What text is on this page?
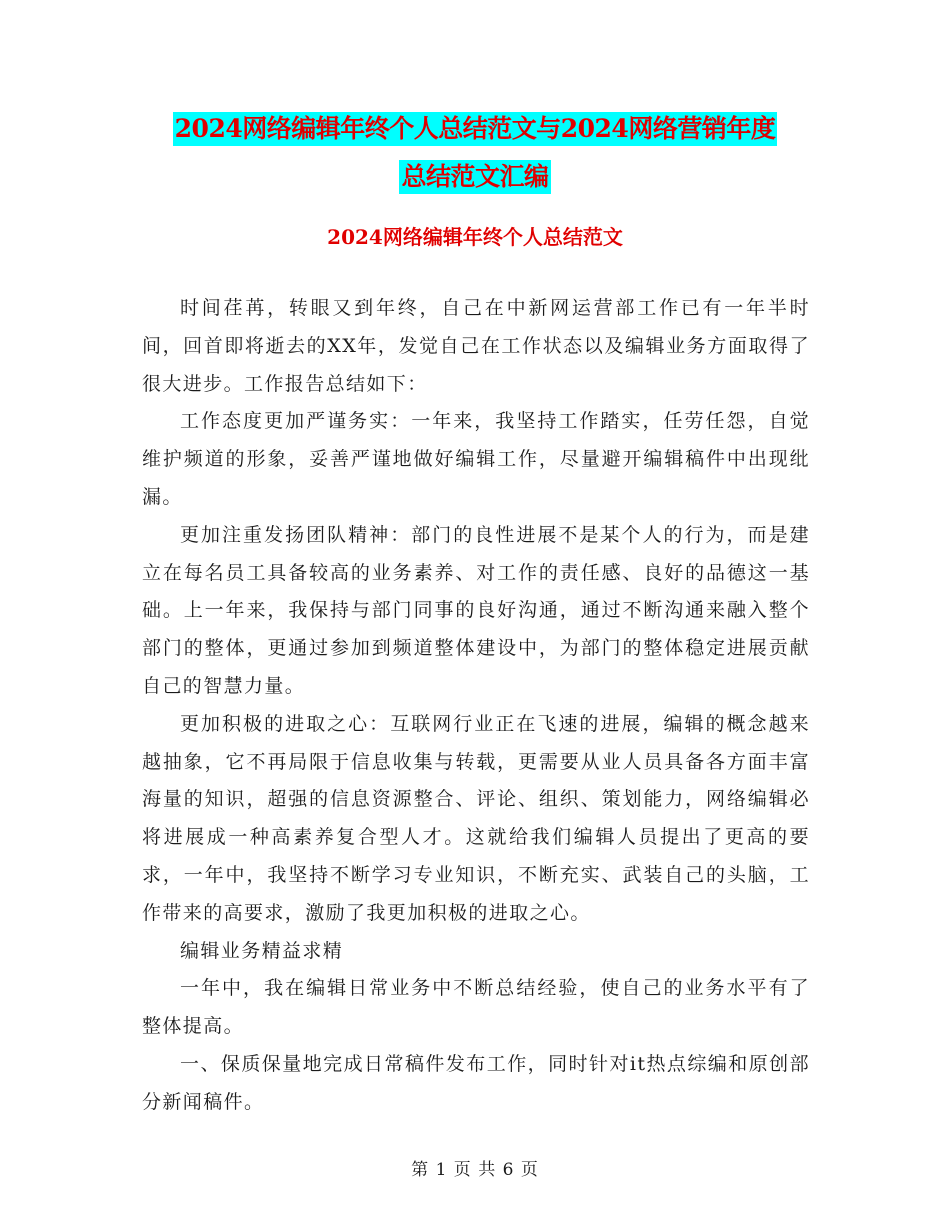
2024网络编辑年终个人总结范文与2024网络营销年度
总结范文汇编
2024网络编辑年终个人总结范文

时间荏苒，转眼又到年终，自己在中新网运营部工作已有一年半时间，回首即将逝去的XX年，发觉自己在工作状态以及编辑业务方面取得了很大进步。工作报告总结如下：

工作态度更加严谨务实：一年来，我坚持工作踏实，任劳任怨，自觉维护频道的形象，妥善严谨地做好编辑工作，尽量避开编辑稿件中出现纰漏。

更加注重发扬团队精神：部门的良性进展不是某个人的行为，而是建立在每名员工具备较高的业务素养、对工作的责任感、良好的品德这一基础。上一年来，我保持与部门同事的良好沟通，通过不断沟通来融入整个部门的整体，更通过参加到频道整体建设中，为部门的整体稳定进展贡献自己的智慧力量。

更加积极的进取之心：互联网行业正在飞速的进展，编辑的概念越来越抽象，它不再局限于信息收集与转载，更需要从业人员具备各方面丰富海量的知识，超强的信息资源整合、评论、组织、策划能力，网络编辑必将进展成一种高素养复合型人才。这就给我们编辑人员提出了更高的要求，一年中，我坚持不断学习专业知识，不断充实、武装自己的头脑，工作带来的高要求，激励了我更加积极的进取之心。

编辑业务精益求精

一年中，我在编辑日常业务中不断总结经验，使自己的业务水平有了整体提高。

一、保质保量地完成日常稿件发布工作，同时针对it热点综编和原创部分新闻稿件。

第 1 页 共 6 页
